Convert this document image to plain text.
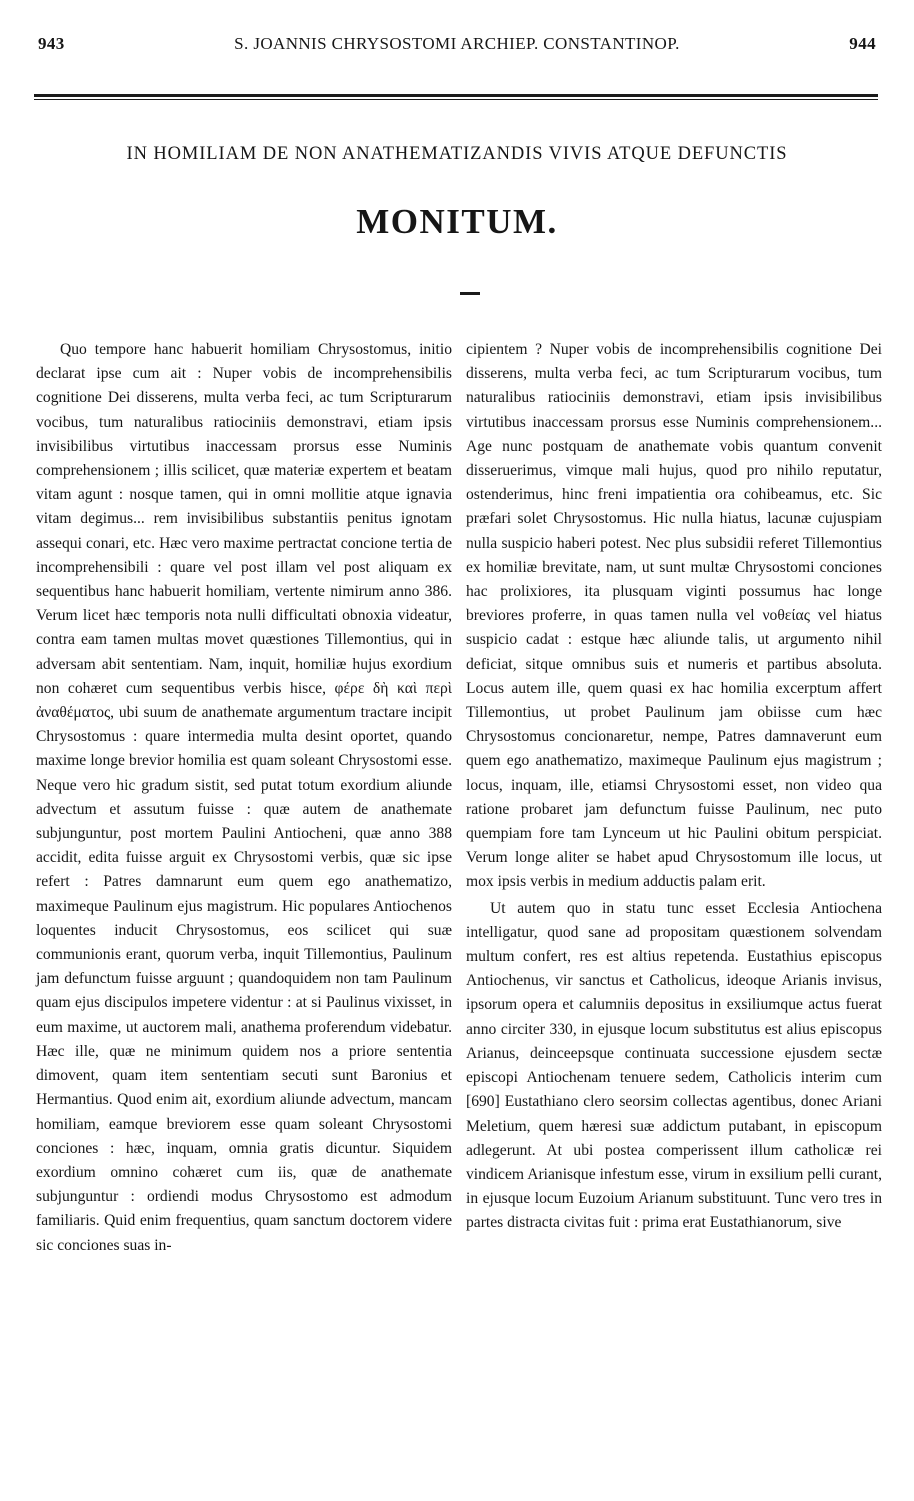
943	S. JOANNIS CHRYSOSTOMI ARCHIEP. CONSTANTINOP.	944
IN HOMILIAM DE NON ANATHEMATIZANDIS VIVIS ATQUE DEFUNCTIS
MONITUM.

Quo tempore hanc habuerit homiliam Chrysostomus, initio declarat ipse cum ait : Nuper vobis de incomprehensibilis cognitione Dei disserens, multa verba feci, ac tum Scripturarum vocibus, tum naturalibus ratiociniis demonstravi, etiam ipsis invisibilibus virtutibus inaccessam prorsus esse Numinis comprehensionem ; illis scilicet, quæ materiæ expertem et beatam vitam agunt : nosque tamen, qui in omni mollitie atque ignavia vitam degimus... rem invisibilibus substantiis penitus ignotam assequi conari, etc. Hæc vero maxime pertractat concione tertia de incomprehensibili : quare vel post illam vel post aliquam ex sequentibus hanc habuerit homiliam, vertente nimirum anno 386. Verum licet hæc temporis nota nulli difficultati obnoxia videatur, contra eam tamen multas movet quæstiones Tillemontius, qui in adversam abit sententiam. Nam, inquit, homiliæ hujus exordium non cohæret cum sequentibus verbis hisce, φέρε δὴ καὶ περὶ ἀναθέματος, ubi suum de anathemate argumentum tractare incipit Chrysostomus : quare intermedia multa desint oportet, quando maxime longe brevior homilia est quam soleant Chrysostomi esse. Neque vero hic gradum sistit, sed putat totum exordium aliunde advectum et assutum fuisse : quæ autem de anathemate subjunguntur, post mortem Paulini Antiocheni, quæ anno 388 accidit, edita fuisse arguit ex Chrysostomi verbis, quæ sic ipse refert : Patres damnarunt eum quem ego anathematizo, maximeque Paulinum ejus magistrum. Hic populares Antiochenos loquentes inducit Chrysostomus, eos scilicet qui suæ communionis erant, quorum verba, inquit Tillemontius, Paulinum jam defunctum fuisse arguunt ; quandoquidem non tam Paulinum quam ejus discipulos impetere videntur : at si Paulinus vixisset, in eum maxime, ut auctorem mali, anathema proferendum videbatur. Hæc ille, quæ ne minimum quidem nos a priore sententia dimovent, quam item sententiam secuti sunt Baronius et Hermantius. Quod enim ait, exordium aliunde advectum, mancam homiliam, eamque breviorem esse quam soleant Chrysostomi conciones : hæc, inquam, omnia gratis dicuntur. Siquidem exordium omnino cohæret cum iis, quæ de anathemate subjunguntur : ordiendi modus Chrysostomo est admodum familiaris. Quid enim frequentius, quam sanctum doctorem videre sic conciones suas in-

cipientem ? Nuper vobis de incomprehensibilis cognitione Dei disserens, multa verba feci, ac tum Scripturarum vocibus, tum naturalibus ratiociniis demonstravi, etiam ipsis invisibilibus virtutibus inaccessam prorsus esse Numinis comprehensionem... Age nunc postquam de anathemate vobis quantum convenit disseruerimus, vimque mali hujus, quod pro nihilo reputatur, ostenderimus, hinc freni impatientia ora cohibeamus, etc. Sic præfari solet Chrysostomus. Hic nulla hiatus, lacunæ cujuspiam nulla suspicio haberi potest. Nec plus subsidii referet Tillemontius ex homiliæ brevitate, nam, ut sunt multæ Chrysostomi conciones hac prolixiores, ita plusquam viginti possumus hac longe breviores proferre, in quas tamen nulla vel νοθείας vel hiatus suspicio cadat : estque hæc aliunde talis, ut argumento nihil deficiat, sitque omnibus suis et numeris et partibus absoluta. Locus autem ille, quem quasi ex hac homilia excerptum affert Tillemontius, ut probet Paulinum jam obiisse cum hæc Chrysostomus concionaretur, nempe, Patres damnaverunt eum quem ego anathematizo, maximeque Paulinum ejus magistrum ; locus, inquam, ille, etiamsi Chrysostomi esset, non video qua ratione probaret jam defunctum fuisse Paulinum, nec puto quempiam fore tam Lynceum ut hic Paulini obitum perspiciat. Verum longe aliter se habet apud Chrysostomum ille locus, ut mox ipsis verbis in medium adductis palam erit.

Ut autem quo in statu tunc esset Ecclesia Antiochena intelligatur, quod sane ad propositam quæstionem solvendam multum confert, res est altius repetenda. Eustathius episcopus Antiochenus, vir sanctus et Catholicus, ideoque Arianis invisus, ipsorum opera et calumniis depositus in exsiliumque actus fuerat anno circiter 330, in ejusque locum substitutus est alius episcopus Arianus, deinceepsque continuata successione ejusdem sectæ episcopi Antiochenam tenuere sedem, Catholicis interim cum [690] Eustathiano clero seorsim collectas agentibus, donec Ariani Meletium, quem hæresi suæ addictum putabant, in episcopum adlegerunt. At ubi postea comperissent illum catholicæ rei vindicem Arianisque infestum esse, virum in exsilium pelli curant, in ejusque locum Euzoium Arianum substituunt. Tunc vero tres in partes distracta civitas fuit : prima erat Eustathianorum, sive
